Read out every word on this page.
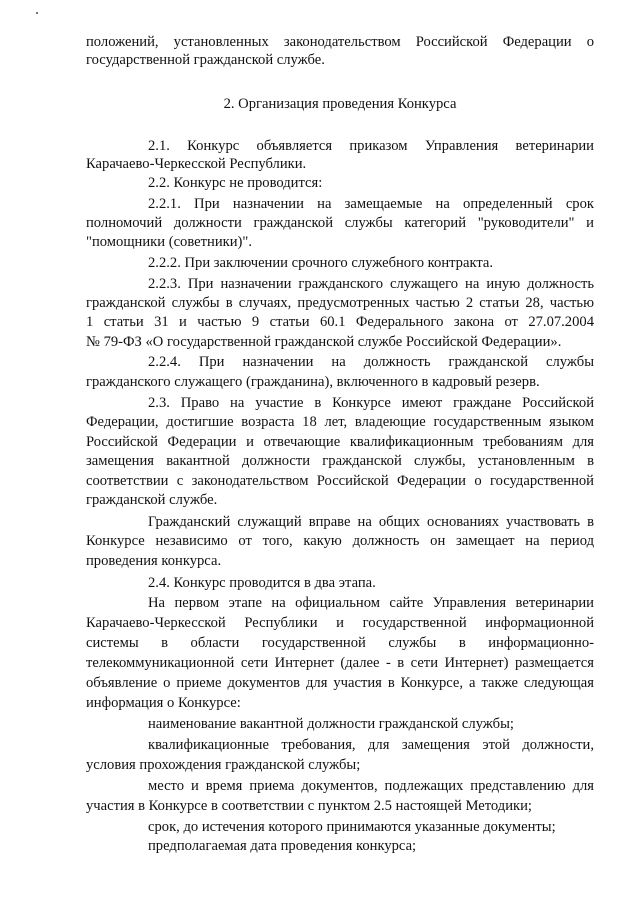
положений, установленных законодательством Российской Федерации о
государственной гражданской службе.
2. Организация проведения Конкурса
2.1. Конкурс объявляется приказом Управления ветеринарии
Карачаево-Черкесской Республики.
2.2. Конкурс не проводится:
2.2.1. При назначении на замещаемые на определенный срок
полномочий должности гражданской службы категорий "руководители" и
"помощники (советники)".
2.2.2. При заключении срочного служебного контракта.
2.2.3. При назначении гражданского служащего на иную должность
гражданской службы в случаях, предусмотренных частью 2 статьи 28, частью
1 статьи 31 и частью 9 статьи 60.1 Федерального закона от 27.07.2004
№ 79-ФЗ «О государственной гражданской службе Российской Федерации».
2.2.4. При назначении на должность гражданской службы
гражданского служащего (гражданина), включенного в кадровый резерв.
2.3. Право на участие в Конкурсе имеют граждане Российской
Федерации, достигшие возраста 18 лет, владеющие государственным языком
Российской Федерации и отвечающие квалификационным требованиям для
замещения вакантной должности гражданской службы, установленным в
соответствии с законодательством Российской Федерации о государственной
гражданской службе.
Гражданский служащий вправе на общих основаниях участвовать в
Конкурсе независимо от того, какую должность он замещает на период
проведения конкурса.
2.4. Конкурс проводится в два этапа.
На первом этапе на официальном сайте Управления ветеринарии
Карачаево-Черкесской Республики и государственной информационной
системы в области государственной службы в информационно-
телекоммуникационной сети Интернет (далее - в сети Интернет) размещается
объявление о приеме документов для участия в Конкурсе, а также следующая
информация о Конкурсе:
наименование вакантной должности гражданской службы;
квалификационные требования, для замещения этой должности,
условия прохождения гражданской службы;
место и время приема документов, подлежащих представлению для
участия в Конкурсе в соответствии с пунктом 2.5 настоящей Методики;
срок, до истечения которого принимаются указанные документы;
предполагаемая дата проведения конкурса;
